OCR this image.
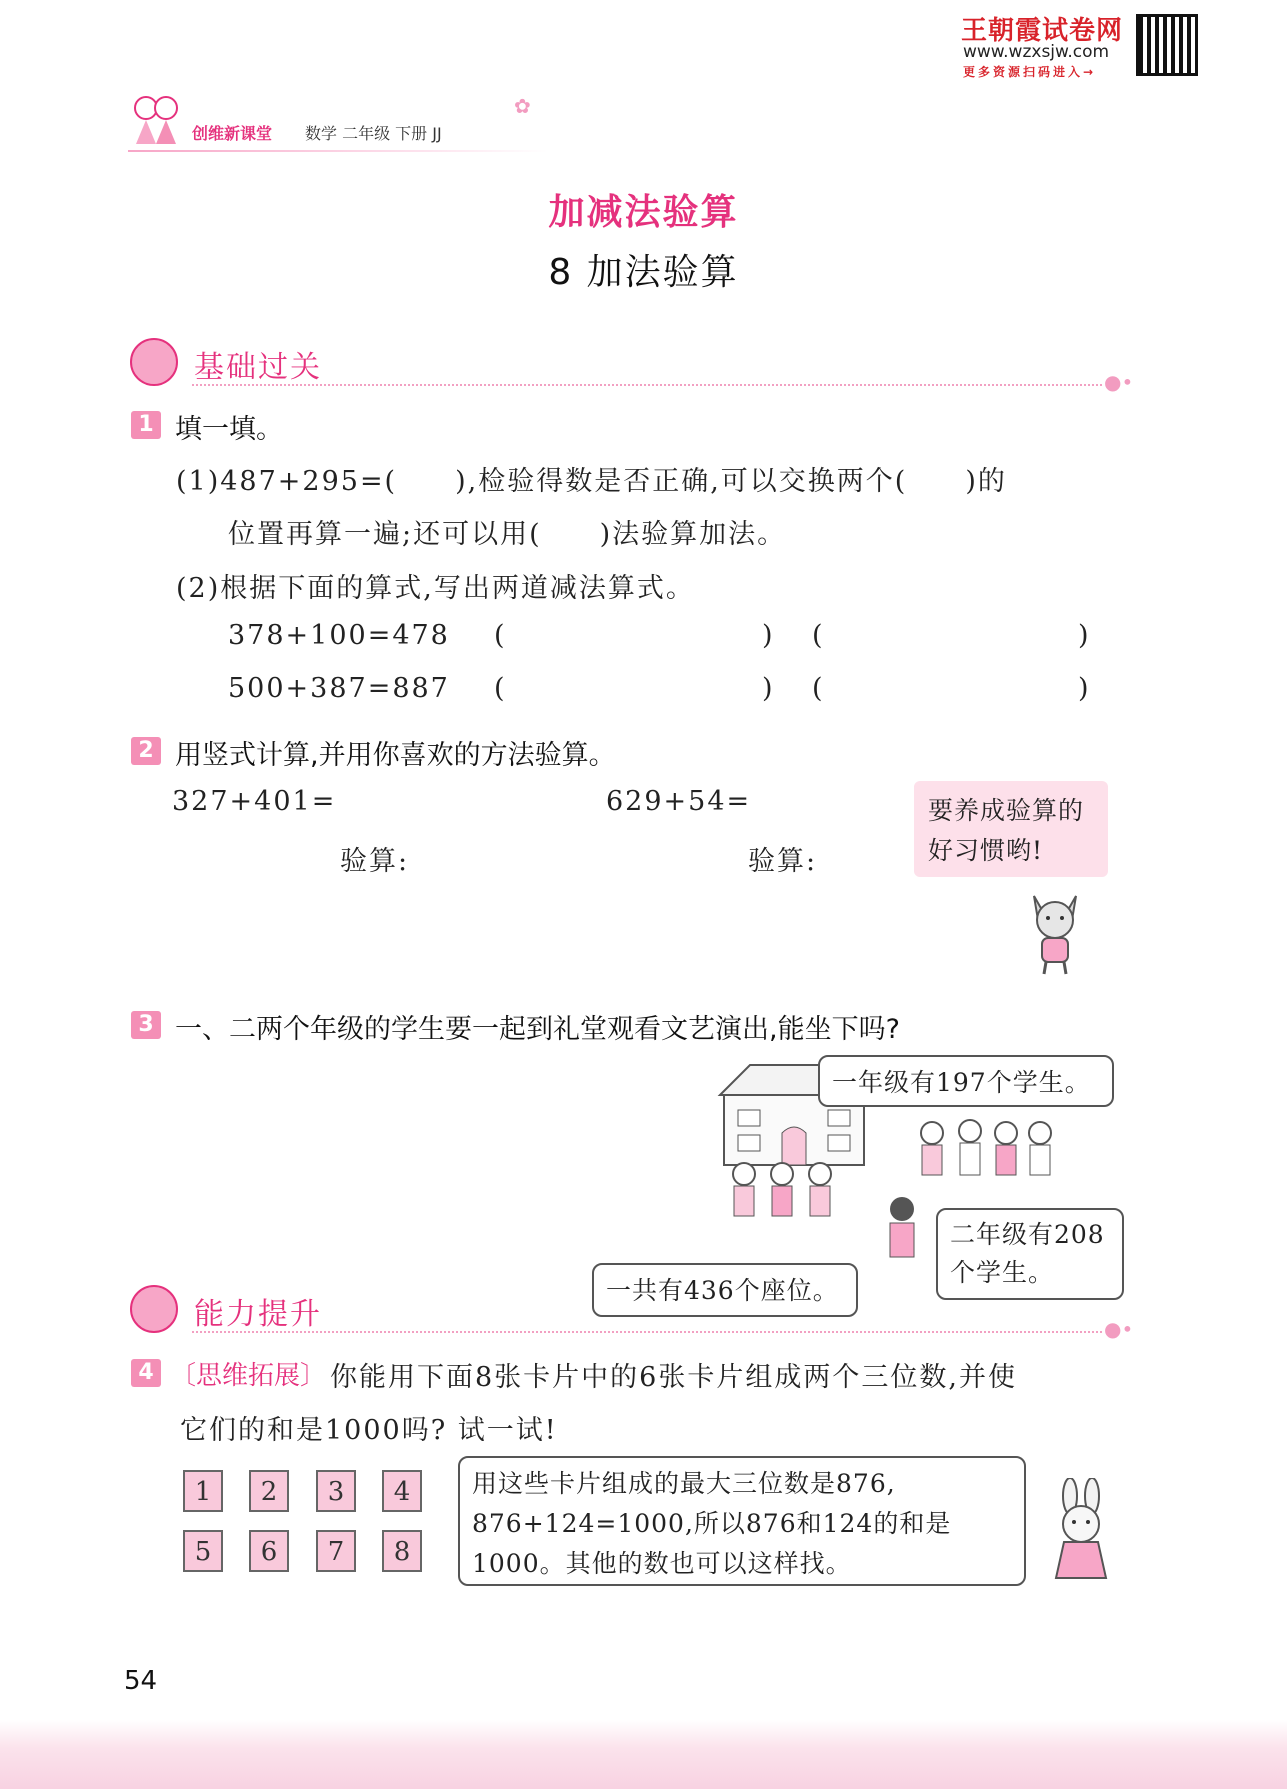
王朝霞试卷网
www.wzxsjw.com
更多资源扫码进入→
创维新课堂 数学 二年级 下册 JJ
✿
加减法验算
8 加法验算
基础过关	●•
1 填一填。
(1)487+295=(　　),检验得数是否正确,可以交换两个(　　)的
位置再算一遍;还可以用(　　)法验算加法。
(2)根据下面的算式,写出两道减法算式。
378+100=478 (	) (	)
500+387=887 (	) (	)
2 用竖式计算,并用你喜欢的方法验算。
327+401=	629+54=
验算:	验算:
要养成验算的
好习惯哟!
3 一、二两个年级的学生要一起到礼堂观看文艺演出,能坐下吗?
一年级有197个学生。
二年级有208
个学生。
一共有436个座位。
能力提升	●•
4 〔思维拓展〕 你能用下面8张卡片中的6张卡片组成两个三位数,并使
它们的和是1000吗? 试一试!
1	2	3	4
5	6	7	8
用这些卡片组成的最大三位数是876,
876+124=1000,所以876和124的和是
1000。其他的数也可以这样找。
54
